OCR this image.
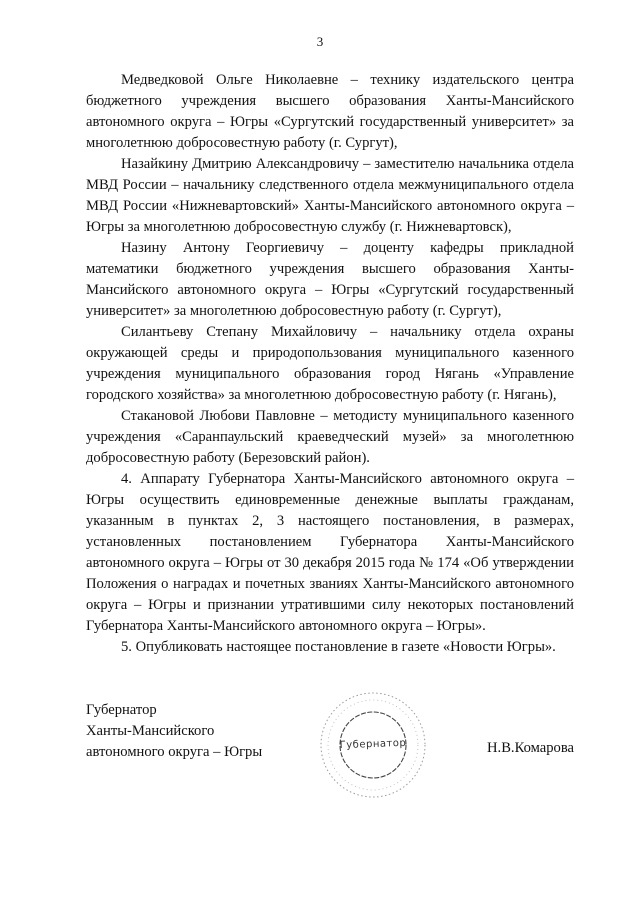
3

Медведковой Ольге Николаевне – технику издательского центра бюджетного учреждения высшего образования Ханты-Мансийского автономного округа – Югры «Сургутский государственный университет» за многолетнюю добросовестную работу (г. Сургут),

Назайкину Дмитрию Александровичу – заместителю начальника отдела МВД России – начальнику следственного отдела межмуниципального отдела МВД России «Нижневартовский» Ханты-Мансийского автономного округа – Югры за многолетнюю добросовестную службу (г. Нижневартовск),

Назину Антону Георгиевичу – доценту кафедры прикладной математики бюджетного учреждения высшего образования Ханты-Мансийского автономного округа – Югры «Сургутский государственный университет» за многолетнюю добросовестную работу (г. Сургут),

Силантьеву Степану Михайловичу – начальнику отдела охраны окружающей среды и природопользования муниципального казенного учреждения муниципального образования город Нягань «Управление городского хозяйства» за многолетнюю добросовестную работу (г. Нягань),

Стакановой Любови Павловне – методисту муниципального казенного учреждения «Саранпаульский краеведческий музей» за многолетнюю добросовестную работу (Березовский район).

4. Аппарату Губернатора Ханты-Мансийского автономного округа – Югры осуществить единовременные денежные выплаты гражданам, указанным в пунктах 2, 3 настоящего постановления, в размерах, установленных постановлением Губернатора Ханты-Мансийского автономного округа – Югры от 30 декабря 2015 года № 174 «Об утверждении Положения о наградах и почетных званиях Ханты-Мансийского автономного округа – Югры и признании утратившими силу некоторых постановлений Губернатора Ханты-Мансийского автономного округа – Югры».

5. Опубликовать настоящее постановление в газете «Новости Югры».

Губернатор
Ханты-Мансийского
автономного округа – Югры	Н.В.Комарова
Губернатор
